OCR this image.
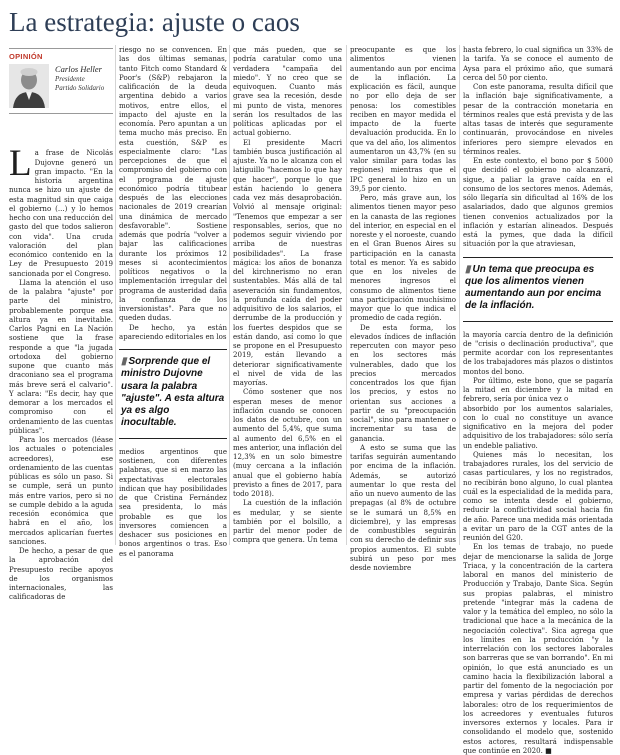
La estrategia: ajuste o caos
OPINIÓN
Carlos Heller
Presidente
Partido Solidario

La frase de Nicolás Dujovne generó un gran impacto. "En la historia argentina nunca se hizo un ajuste de esta magnitud sin que caiga el gobierno (...) y lo hemos hecho con una reducción del gasto del que todos salieron con vida". Una cruda valoración del plan económico contenido en la Ley de Presupuesto 2019 sancionada por el Congreso.

Llama la atención el uso de la palabra "ajuste" por parte del ministro, probablemente porque esa altura ya en inevitable. Carlos Pagni en La Nación sostiene que la frase responde a que "la jugada ortodoxa del gobierno supone que cuanto más draconiano sea el programa más breve será el calvario". Y aclara: "Es decir, hay que demorar a los mercados el compromiso con el ordenamiento de las cuentas públicas".

Para los mercados (léase los actuales o potenciales acreedores), ese ordenamiento de las cuentas públicas es sólo un paso. Si se cumple, será un punto más entre varios, pero si no se cumple debido a la aguda recesión económica que habrá en el año, los mercados aplicarían fuertes sanciones.

De hecho, a pesar de que la aprobación del Presupuesto recibe apoyos de los organismos internacionales, las calificadoras de

riesgo no se convencen. En las dos últimas semanas, tanto Fitch como Standard & Poor's (S&P) rebajaron la calificación de la deuda argentina debido a varios motivos, entre ellos, el impacto del ajuste en la economía. Pero apuntan a un tema mucho más preciso. En esta cuestión, S&P es especialmente claro: "Las percepciones de que el compromiso del gobierno con el programa de ajuste económico podría titubear después de las elecciones nacionales de 2019 crearían una dinámica de mercado desfavorable". Sostiene además que podría "volver a bajar las calificaciones durante los próximos 12 meses si acontecimientos políticos negativos o la implementación irregular del programa de austeridad daña la confianza de los inversionistas". Para que no queden dudas.

De hecho, ya están apareciendo editoriales en los

▮ Sorprende que el ministro Dujovne usara la palabra "ajuste". A esta altura ya es algo inocultable.

medios argentinos que sostienen, con diferentes palabras, que si en marzo las expectativas electorales indican que hay posibilidades de que Cristina Fernández sea presidenta, lo más probable es que los inversores comiencen a deshacer sus posiciones en bonos argentinos o tras. Eso es el panorama

que más pueden, que se podría caratular como una verdadera "campaña del miedo". Y no creo que se equivoquen. Cuanto más grave sea la recesión, desde mi punto de vista, menores serán los resultados de las políticas aplicadas por el actual gobierno.

El presidente Macri también busca justificación al ajuste. Ya no le alcanza con el latiguillo "hacemos lo que hay que hacer", porque lo que están haciendo lo genera cada vez más desaprobación. Volvió al mensaje original: "Tenemos que empezar a ser responsables, serios, que no podemos seguir viviendo por arriba de nuestras posibilidades". La frase mágica: los años de bonanza del kirchnerismo no eran sustentables. Más allá de tal aseveración sin fundamentos, la profunda caída del poder adquisitivo de los salarios, el derrumbe de la producción y los fuertes despidos que se están dando, así como lo que se propone en el Presupuesto 2019, están llevando a deteriorar significativamente el nivel de vida de las mayorías.

Cómo sostener que nos esperan meses de menor inflación cuando se conocen los datos de octubre, con un aumento del 5,4%, que suma al aumento del 6,5% en el mes anterior, una inflación del 12,3% en un solo bimestre (muy cercana a la inflación anual que el gobierno había previsto a fines de 2017, para todo 2018).

La cuestión de la inflación es medular, y se siente también por el bolsillo, a partir del menor poder de compra que genera. Un tema

preocupante es que los alimentos vienen aumentando aun por encima de la inflación. La explicación es fácil, aunque no por ello deja de ser penosa: los comestibles reciben en mayor medida el impacto de la fuerte devaluación producida. En lo que va del año, los alimentos aumentaron un 43,7% (en su valor similar para todas las regiones) mientras que el IPC general lo hizo en un 39,5 por ciento.

Pero, más grave aun, los alimentos tienen mayor peso en la canasta de las regiones del interior, en especial en el noreste y el noroeste, cuando en el Gran Buenos Aires su participación en la canasta total es menor. Ya es sabido que en los niveles de menores ingresos el consumo de alimentos tiene una participación muchísimo mayor que lo que indica el promedio de cada región.

De esta forma, los elevados índices de inflación repercuten con mayor peso en los sectores más vulnerables, dado que los precios mercados concentrados los que fijan los precios, y estos no orientan sus acciones a partir de su "preocupación social", sino para mantener o incrementar su tasa de ganancia.

A esto se suma que las tarifas seguirán aumentando por encima de la inflación. Además, se autorizó aumentar lo que resta del año un nuevo aumento de las prepagas (al 8% de octubre se le sumará un 8,5% en diciembre), y las empresas de combustibles seguirán con su derecho de definir sus propios aumentos. El subte subirá un peso por mes desde noviembre

hasta febrero, lo cual significa un 33% de la tarifa. Ya se conoce el aumento de Aysa para el próximo año, que sumará cerca del 50 por ciento.

Con este panorama, resulta difícil que la inflación baje significativamente, a pesar de la contracción monetaria en términos reales que está prevista y de las altas tasas de interés que seguramente continuarán, provocándose en niveles inferiores pero siempre elevados en términos reales.

En este contexto, el bono por $ 5000 que decidió el gobierno no alcanzará, sigue, a paliar la grave caída en el consumo de los sectores menos. Además, sólo llegaría sin dificultad al 16% de los asalariados, dado que algunos gremios tienen convenios actualizados por la inflación y estarían alineados. Después está la pymes, que dada la difícil situación por la que atraviesan,

▮ Un tema que preocupa es que los alimentos vienen aumentando aun por encima de la inflación.

la mayoría carcía dentro de la definición de "crisis o declinación productiva", que permite acordar con los representantes de los trabajadores más plazos o distintos montos del bono.

Por último, este bono, que se pagaría la mitad en diciembre y la mitad en febrero, sería por única vez o

absorbido por los aumentos salariales, con lo cual no constituye un avance significativo en la mejora del poder adquisitivo de los trabajadores: sólo sería un endeble paliativo.

Quienes más lo necesitan, los trabajadores rurales, los del servicio de casas particulares, y los no registrados, no recibirán bono alguno, lo cual plantea cuál es la especialidad de la medida para, como se intenta desde el gobierno, reducir la conflictividad social hacia fin de año. Parece una medida más orientada a evitar un paro de la CGT antes de la reunión del G20.

En los temas de trabajo, no puede dejar de mencionarse la salida de Jorge Triaca, y la concentración de la cartera laboral en manos del ministerio de Producción y Trabajo, Dante Sica. Según sus propias palabras, el ministro pretende "integrar más la cadena de valor y la temática del empleo, no sólo la tradicional que hace a la mecánica de la negociación colectiva". Sica agrega que los límites en la producción "y la interrelación con los sectores laborales son barreras que se van borrando". En mi opinión, lo que está anunciado es un camino hacia la flexibilización laboral a partir del fomento de la negociación por empresa y varias pérdidas de derechos laborales: otro de los requerimientos de los acreedores y eventuales futuros inversores externos y locales. Para ir consolidando el modelo que, sostenido estos actores, resultará indispensable que continúe en 2020. ■
